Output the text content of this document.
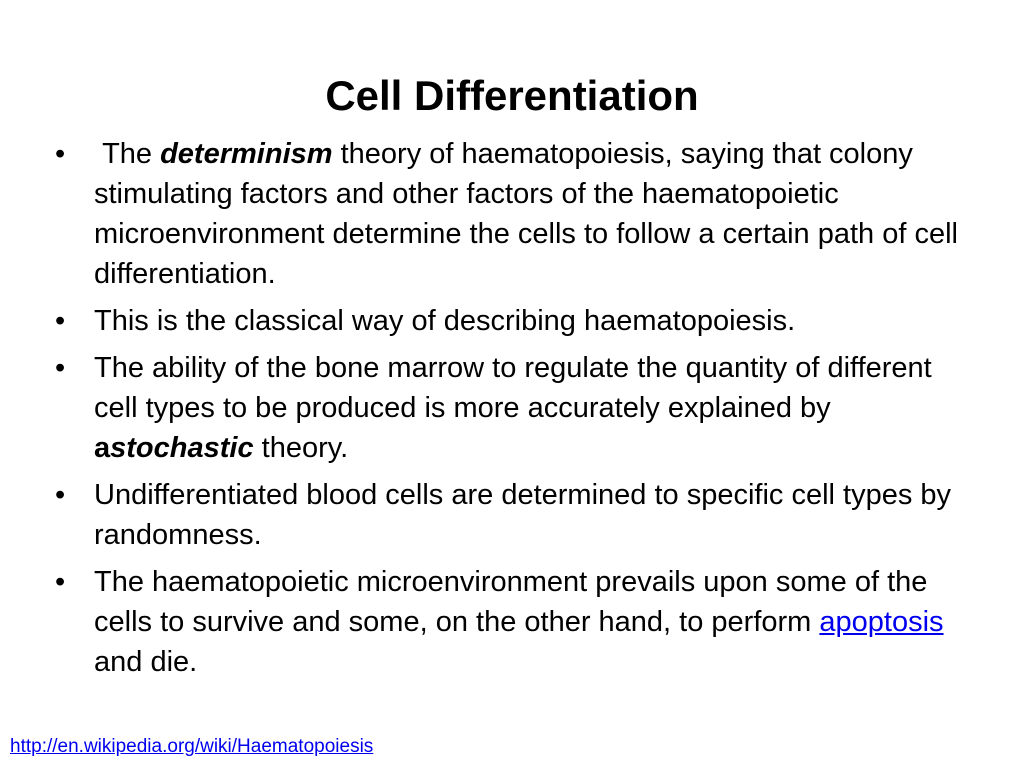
Cell Differentiation
• The determinism theory of haematopoiesis, saying that colony stimulating factors and other factors of the haematopoietic microenvironment determine the cells to follow a certain path of cell differentiation.
• This is the classical way of describing haematopoiesis.
• The ability of the bone marrow to regulate the quantity of different cell types to be produced is more accurately explained by astochastic theory.
• Undifferentiated blood cells are determined to specific cell types by randomness.
• The haematopoietic microenvironment prevails upon some of the cells to survive and some, on the other hand, to perform apoptosis and die.
http://en.wikipedia.org/wiki/Haematopoiesis
